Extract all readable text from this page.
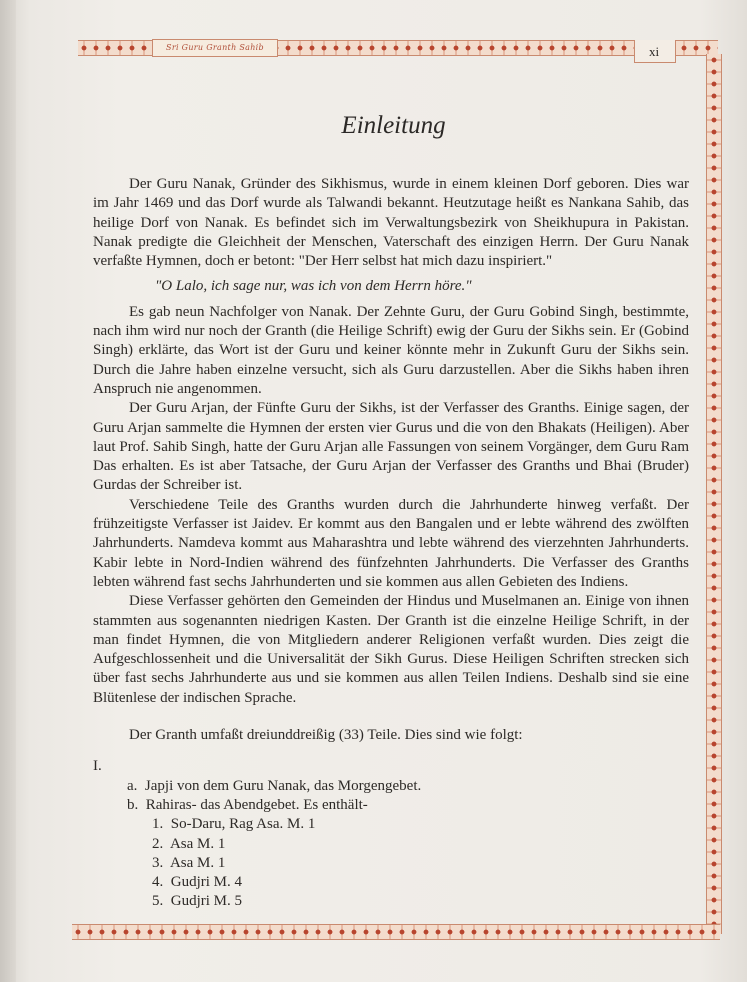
Sri Guru Granth Sahib	xi
Einleitung

Der Guru Nanak, Gründer des Sikhismus, wurde in einem kleinen Dorf geboren. Dies war im Jahr 1469 und das Dorf wurde als Talwandi bekannt. Heutzutage heißt es Nankana Sahib, das heilige Dorf von Nanak. Es befindet sich im Verwaltungsbezirk von Sheikhupura in Pakistan. Nanak predigte die Gleichheit der Menschen, Vaterschaft des einzigen Herrn. Der Guru Nanak verfaßte Hymnen, doch er betont: "Der Herr selbst hat mich dazu inspiriert."

"O Lalo, ich sage nur, was ich von dem Herrn höre."

Es gab neun Nachfolger von Nanak. Der Zehnte Guru, der Guru Gobind Singh, bestimmte, nach ihm wird nur noch der Granth (die Heilige Schrift) ewig der Guru der Sikhs sein. Er (Gobind Singh) erklärte, das Wort ist der Guru und keiner könnte mehr in Zukunft Guru der Sikhs sein. Durch die Jahre haben einzelne versucht, sich als Guru darzustellen. Aber die Sikhs haben ihren Anspruch nie angenommen.

Der Guru Arjan, der Fünfte Guru der Sikhs, ist der Verfasser des Granths. Einige sagen, der Guru Arjan sammelte die Hymnen der ersten vier Gurus und die von den Bhakats (Heiligen). Aber laut Prof. Sahib Singh, hatte der Guru Arjan alle Fassungen von seinem Vorgänger, dem Guru Ram Das erhalten. Es ist aber Tatsache, der Guru Arjan der Verfasser des Granths und Bhai (Bruder) Gurdas der Schreiber ist.

Verschiedene Teile des Granths wurden durch die Jahrhunderte hinweg verfaßt. Der frühzeitigste Verfasser ist Jaidev. Er kommt aus den Bangalen und er lebte während des zwölften Jahrhunderts. Namdeva kommt aus Maharashtra und lebte während des vierzehnten Jahrhunderts. Kabir lebte in Nord-Indien während des fünfzehnten Jahrhunderts. Die Verfasser des Granths lebten während fast sechs Jahrhunderten und sie kommen aus allen Gebieten des Indiens.

Diese Verfasser gehörten den Gemeinden der Hindus und Muselmanen an. Einige von ihnen stammten aus sogenannten niedrigen Kasten. Der Granth ist die einzelne Heilige Schrift, in der man findet Hymnen, die von Mitgliedern anderer Religionen verfaßt wurden. Dies zeigt die Aufgeschlossenheit und die Universalität der Sikh Gurus. Diese Heiligen Schriften strecken sich über fast sechs Jahrhunderte aus und sie kommen aus allen Teilen Indiens. Deshalb sind sie eine Blütenlese der indischen Sprache.

Der Granth umfaßt dreiunddreißig (33) Teile. Dies sind wie folgt:

I.
a. Japji von dem Guru Nanak, das Morgengebet.
b. Rahiras- das Abendgebet. Es enthält-
1. So-Daru, Rag Asa. M. 1
2. Asa M. 1
3. Asa M. 1
4. Gudjri M. 4
5. Gudjri M. 5
